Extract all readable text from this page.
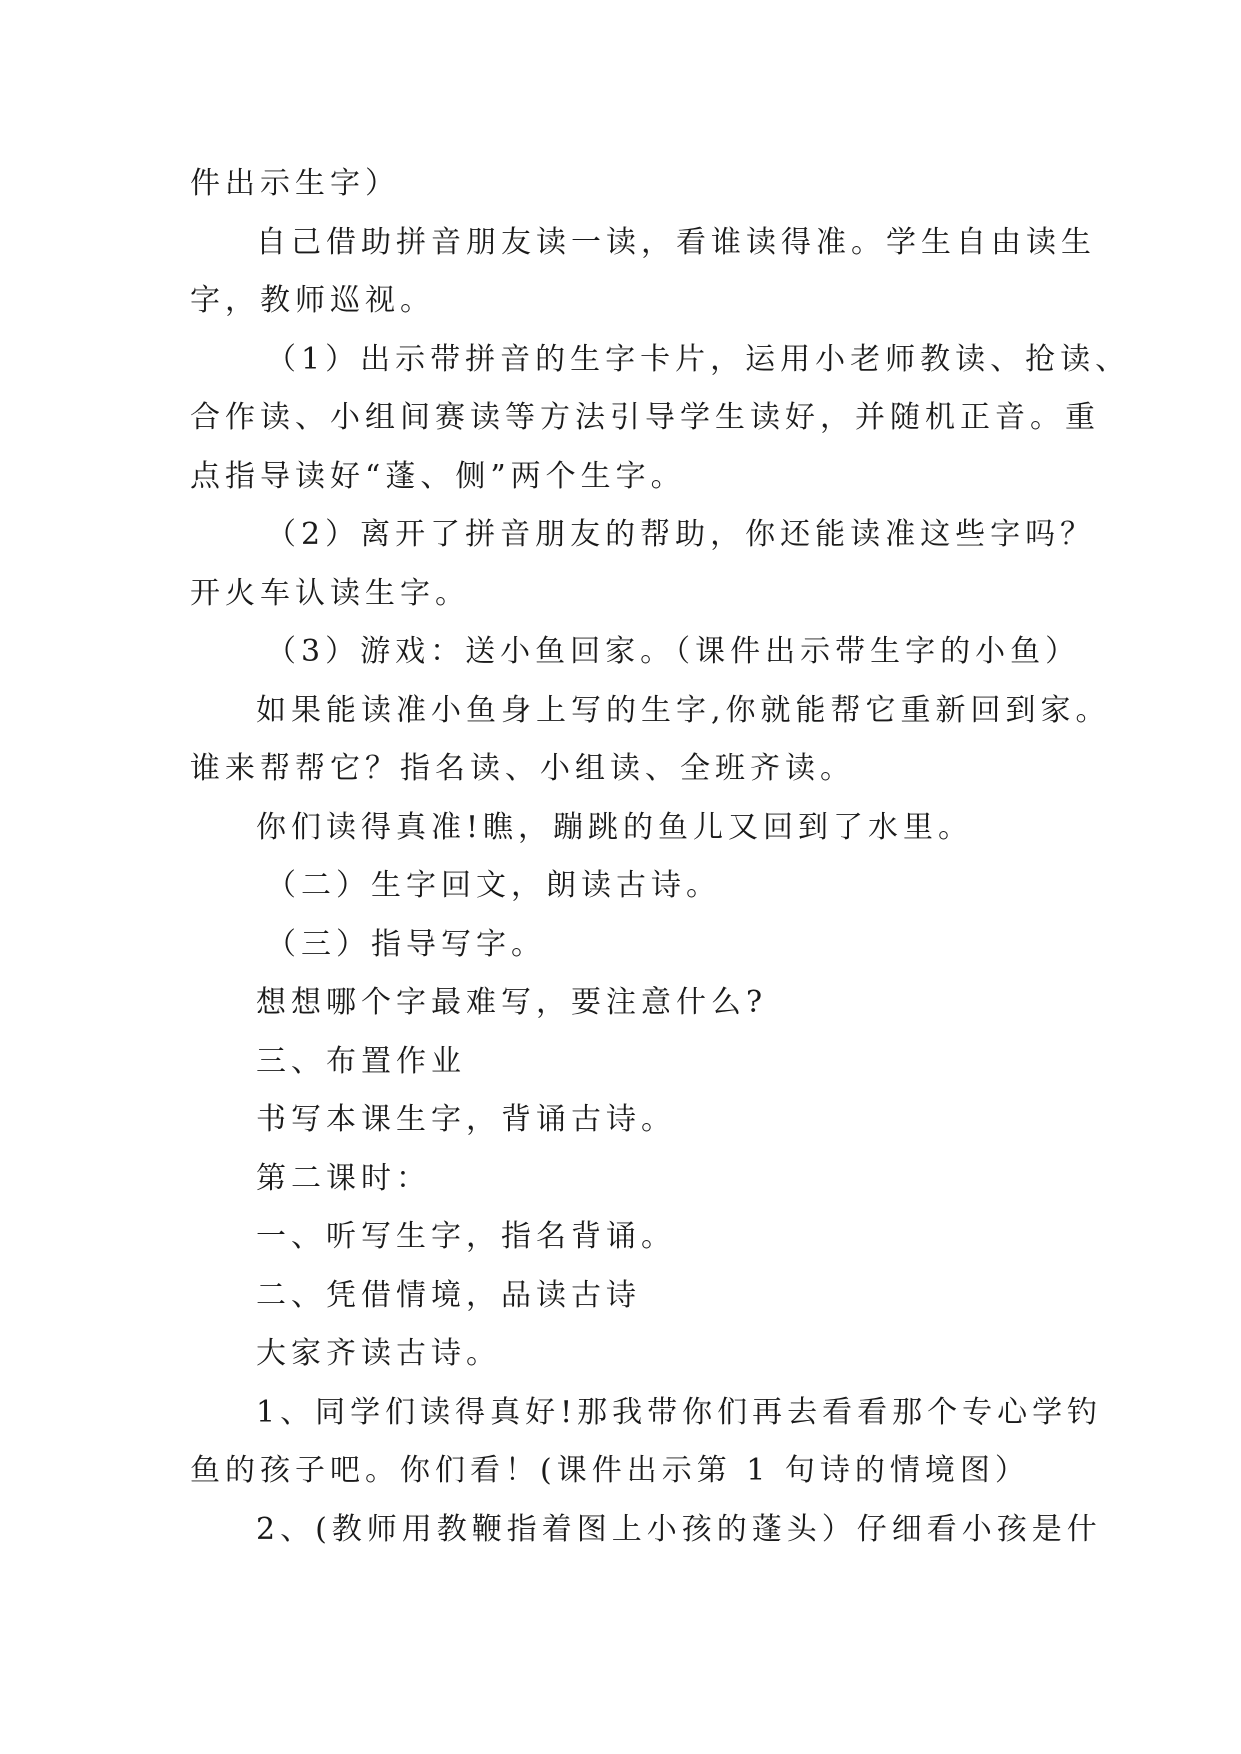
件出示生字）

自己借助拼音朋友读一读，看谁读得准。学生自由读生

字，教师巡视。

（1）出示带拼音的生字卡片，运用小老师教读、抢读、

合作读、小组间赛读等方法引导学生读好，并随机正音。重

点指导读好“蓬、侧”两个生字。

（2）离开了拼音朋友的帮助，你还能读准这些字吗？

开火车认读生字。

（3）游戏：送小鱼回家。（课件出示带生字的小鱼）

如果能读准小鱼身上写的生字,你就能帮它重新回到家。

谁来帮帮它？指名读、小组读、全班齐读。

你们读得真准!瞧，蹦跳的鱼儿又回到了水里。

（二）生字回文，朗读古诗。

（三）指导写字。

想想哪个字最难写，要注意什么?

三、布置作业

书写本课生字，背诵古诗。

第二课时：

一、听写生字，指名背诵。

二、凭借情境，品读古诗

大家齐读古诗。

1、同学们读得真好!那我带你们再去看看那个专心学钓

鱼的孩子吧。你们看！(课件出示第 1 句诗的情境图）

2、(教师用教鞭指着图上小孩的蓬头）仔细看小孩是什
